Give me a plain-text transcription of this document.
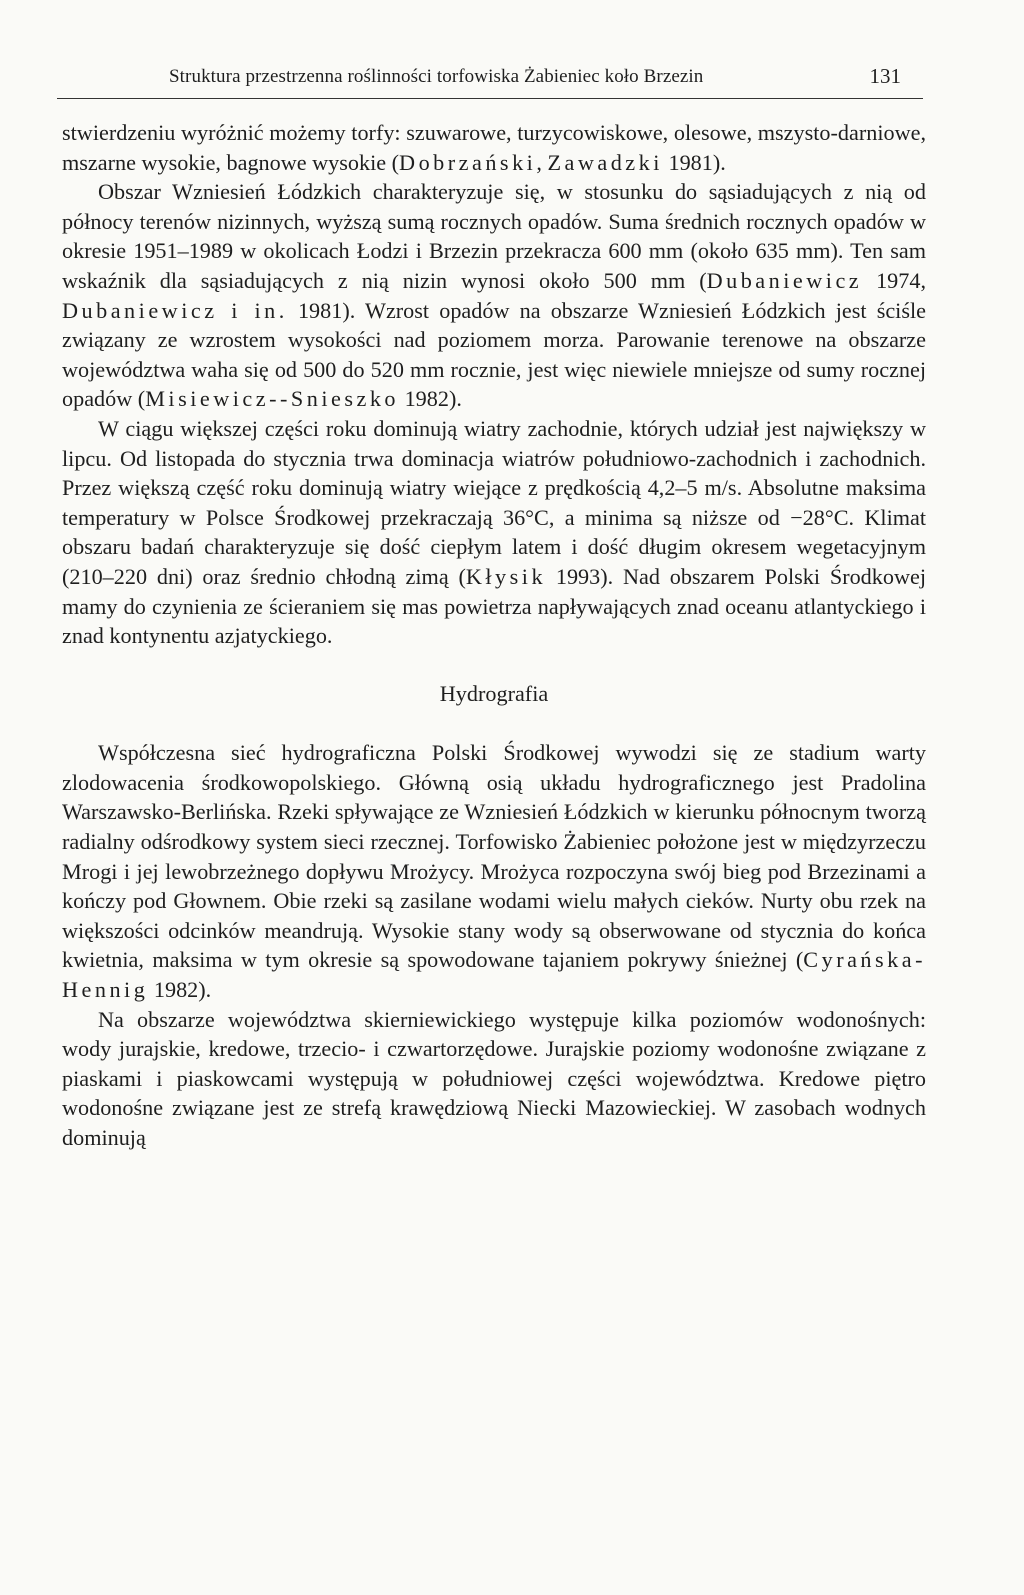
Struktura przestrzenna roślinności torfowiska Żabieniec koło Brzezin	131

stwierdzeniu wyróżnić możemy torfy: szuwarowe, turzycowiskowe, olesowe, mszysto-darniowe, mszarne wysokie, bagnowe wysokie (Dobrzański, Zawadzki 1981).

Obszar Wzniesień Łódzkich charakteryzuje się, w stosunku do sąsiadujących z nią od północy terenów nizinnych, wyższą sumą rocznych opadów. Suma średnich rocznych opadów w okresie 1951–1989 w okolicach Łodzi i Brzezin przekracza 600 mm (około 635 mm). Ten sam wskaźnik dla sąsiadujących z nią nizin wynosi około 500 mm (Dubaniewicz 1974, Dubaniewicz i in. 1981). Wzrost opadów na obszarze Wzniesień Łódzkich jest ściśle związany ze wzrostem wysokości nad poziomem morza. Parowanie terenowe na obszarze województwa waha się od 500 do 520 mm rocznie, jest więc niewiele mniejsze od sumy rocznej opadów (Misiewicz--Snieszko 1982).

W ciągu większej części roku dominują wiatry zachodnie, których udział jest największy w lipcu. Od listopada do stycznia trwa dominacja wiatrów południowo-zachodnich i zachodnich. Przez większą część roku dominują wiatry wiejące z prędkością 4,2–5 m/s. Absolutne maksima temperatury w Polsce Środkowej przekraczają 36°C, a minima są niższe od −28°C. Klimat obszaru badań charakteryzuje się dość ciepłym latem i dość długim okresem wegetacyjnym (210–220 dni) oraz średnio chłodną zimą (Kłysik 1993). Nad obszarem Polski Środkowej mamy do czynienia ze ścieraniem się mas powietrza napływających znad oceanu atlantyckiego i znad kontynentu azjatyckiego.

Hydrografia

Współczesna sieć hydrograficzna Polski Środkowej wywodzi się ze stadium warty zlodowacenia środkowopolskiego. Główną osią układu hydrograficznego jest Pradolina Warszawsko-Berlińska. Rzeki spływające ze Wzniesień Łódzkich w kierunku północnym tworzą radialny odśrodkowy system sieci rzecznej. Torfowisko Żabieniec położone jest w międzyrzeczu Mrogi i jej lewobrzeżnego dopływu Mrożycy. Mrożyca rozpoczyna swój bieg pod Brzezinami a kończy pod Głownem. Obie rzeki są zasilane wodami wielu małych cieków. Nurty obu rzek na większości odcinków meandrują. Wysokie stany wody są obserwowane od stycznia do końca kwietnia, maksima w tym okresie są spowodowane tajaniem pokrywy śnieżnej (Cyrańska-Hennig 1982).

Na obszarze województwa skierniewickiego występuje kilka poziomów wodonośnych: wody jurajskie, kredowe, trzecio- i czwartorzędowe. Jurajskie poziomy wodonośne związane z piaskami i piaskowcami występują w południowej części województwa. Kredowe piętro wodonośne związane jest ze strefą krawędziową Niecki Mazowieckiej. W zasobach wodnych dominują
